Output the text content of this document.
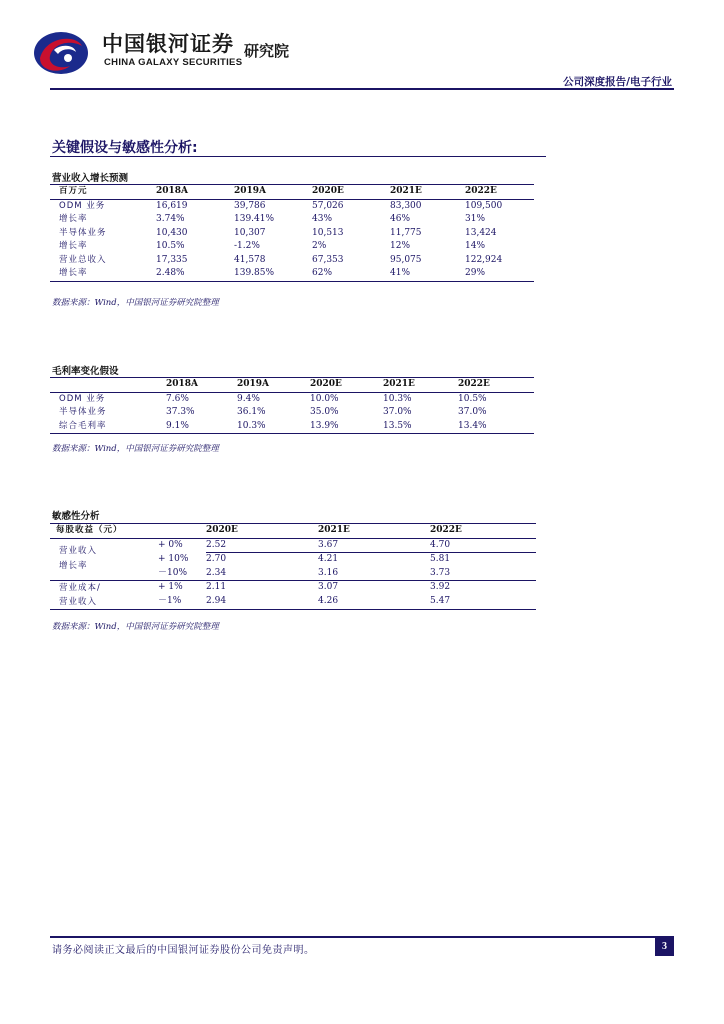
中国银河证券
CHINA GALAXY SECURITIES
研究院
公司深度报告/电子行业
关键假设与敏感性分析:
营业收入增长预测
百万元	2018A	2019A	2020E	2021E	2022E
ODM 业务	16,619	39,786	57,026	83,300	109,500
增长率	3.74%	139.41%	43%	46%	31%
半导体业务	10,430	10,307	10,513	11,775	13,424
增长率	10.5%	-1.2%	2%	12%	14%
营业总收入	17,335	41,578	67,353	95,075	122,924
增长率	2.48%	139.85%	62%	41%	29%
数据来源：Wind，中国银河证券研究院整理
毛利率变化假设
	2018A	2019A	2020E	2021E	2022E
ODM 业务	7.6%	9.4%	10.0%	10.3%	10.5%
半导体业务	37.3%	36.1%	35.0%	37.0%	37.0%
综合毛利率	9.1%	10.3%	13.9%	13.5%	13.4%
数据来源：Wind，中国银河证券研究院整理
敏感性分析
每股收益（元）		2020E	2021E	2022E

营业收入
增长率	+ 0%	2.52	3.67	4.70
	+ 10%	2.70	4.21	5.81
	－10%	2.34	3.16	3.73

营业成本/
营业收入	+ 1%	2.11	3.07	3.92
	－1%	2.94	4.26	5.47
数据来源：Wind，中国银河证券研究院整理
请务必阅读正文最后的中国银河证券股份公司免责声明。	3
